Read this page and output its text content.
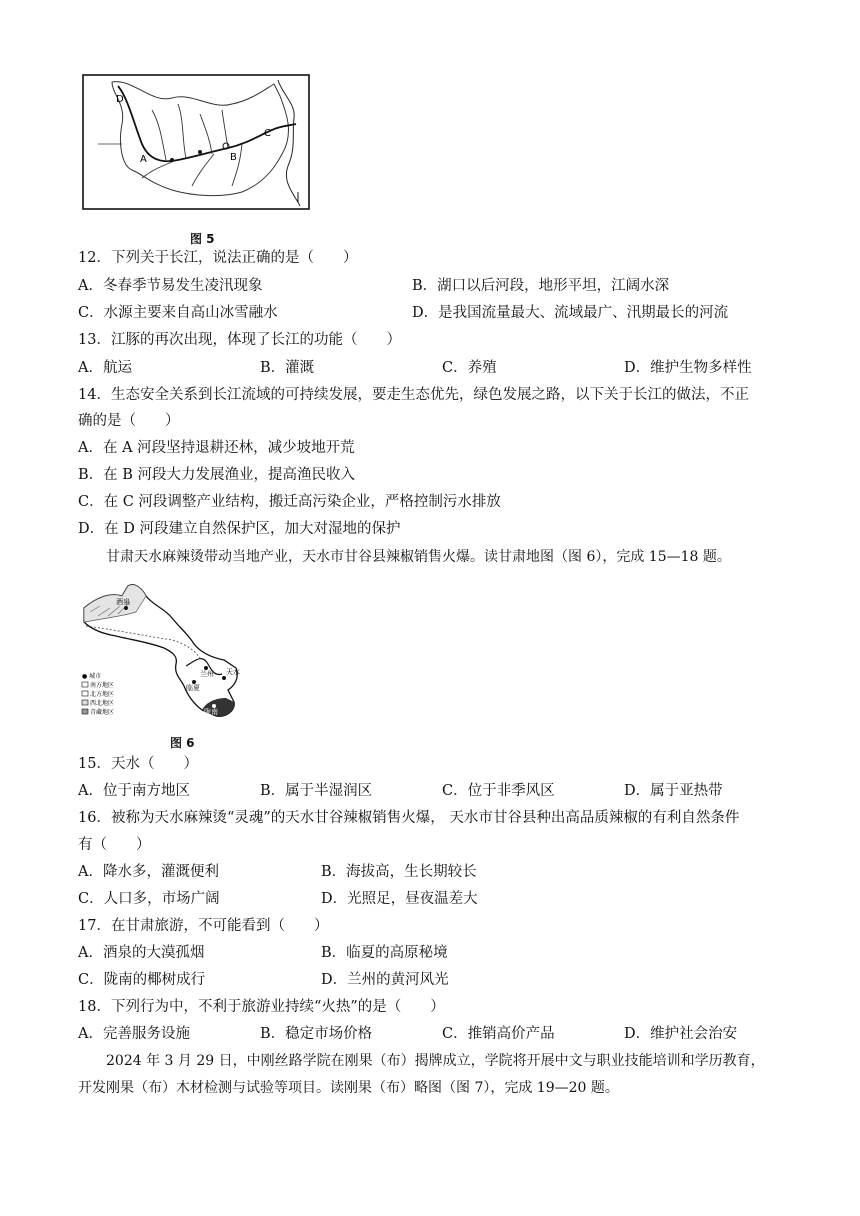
D
A	B
C
图 5
12．下列关于长江，说法正确的是（　　）
A．冬春季节易发生凌汛现象	B．湖口以后河段，地形平坦，江阔水深
C．水源主要来自高山冰雪融水	D．是我国流量最大、流域最广、汛期最长的河流
13．江豚的再次出现，体现了长江的功能（　　）
A．航运	B．灌溉	C．养殖	D．维护生物多样性
14．生态安全关系到长江流域的可持续发展，要走生态优先，绿色发展之路，以下关于长江的做法，不正
确的是（　　）
A．在 A 河段坚持退耕还林，减少坡地开荒
B．在 B 河段大力发展渔业，提高渔民收入
C．在 C 河段调整产业结构，搬迁高污染企业，严格控制污水排放
D．在 D 河段建立自然保护区，加大对湿地的保护
甘肃天水麻辣烫带动当地产业，天水市甘谷县辣椒销售火爆。读甘肃地图（图 6），完成 15—18 题。
酒泉
兰州 天水
临夏
陇南
● 城市
南方地区
北方地区
西北地区
青藏地区
图 6
15．天水（　　）
A．位于南方地区	B．属于半湿润区	C．位于非季风区	D．属于亚热带
16．被称为天水麻辣烫“灵魂”的天水甘谷辣椒销售火爆， 天水市甘谷县种出高品质辣椒的有利自然条件
有（　　）
A．降水多，灌溉便利	B．海拔高，生长期较长
C．人口多，市场广阔	D．光照足，昼夜温差大
17．在甘肃旅游，不可能看到（　　）
A．酒泉的大漠孤烟	B．临夏的高原秘境
C．陇南的椰树成行	D．兰州的黄河风光
18．下列行为中，不利于旅游业持续“火热”的是（　　）
A．完善服务设施	B．稳定市场价格	C．推销高价产品	D．维护社会治安
2024 年 3 月 29 日，中刚丝路学院在刚果（布）揭牌成立，学院将开展中文与职业技能培训和学历教育，
开发刚果（布）木材检测与试验等项目。读刚果（布）略图（图 7），完成 19—20 题。
